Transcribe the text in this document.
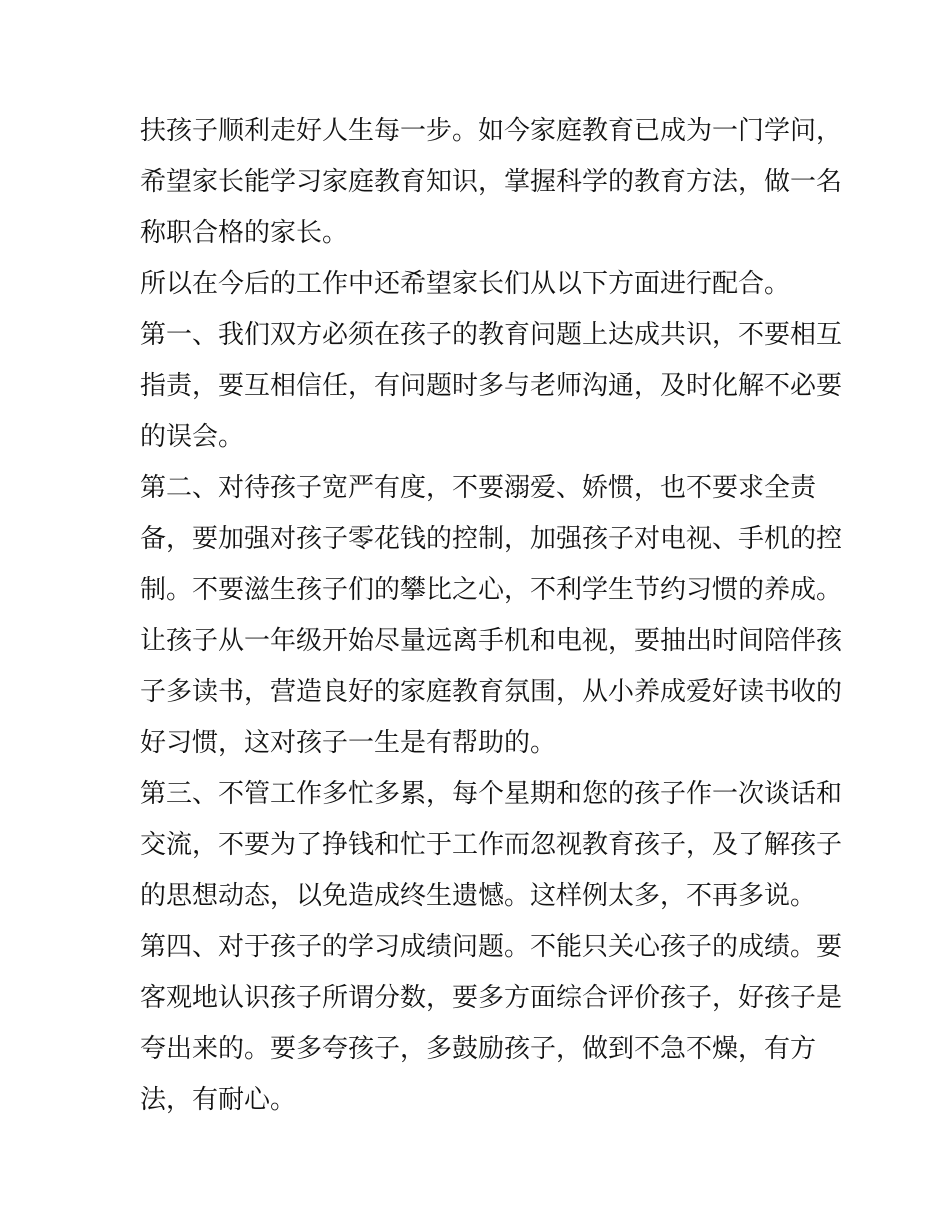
扶孩子顺利走好人生每一步。如今家庭教育已成为一门学问，
希望家长能学习家庭教育知识，掌握科学的教育方法，做一名
称职合格的家长。
所以在今后的工作中还希望家长们从以下方面进行配合。
第一、我们双方必须在孩子的教育问题上达成共识，不要相互
指责，要互相信任，有问题时多与老师沟通，及时化解不必要
的误会。
第二、对待孩子宽严有度，不要溺爱、娇惯，也不要求全责
备，要加强对孩子零花钱的控制，加强孩子对电视、手机的控
制。不要滋生孩子们的攀比之心，不利学生节约习惯的养成。
让孩子从一年级开始尽量远离手机和电视，要抽出时间陪伴孩
子多读书，营造良好的家庭教育氛围，从小养成爱好读书收的
好习惯，这对孩子一生是有帮助的。
第三、不管工作多忙多累，每个星期和您的孩子作一次谈话和
交流，不要为了挣钱和忙于工作而忽视教育孩子，及了解孩子
的思想动态，以免造成终生遗憾。这样例太多，不再多说。
第四、对于孩子的学习成绩问题。不能只关心孩子的成绩。要
客观地认识孩子所谓分数，要多方面综合评价孩子，好孩子是
夸出来的。要多夸孩子，多鼓励孩子，做到不急不燥，有方
法，有耐心。
